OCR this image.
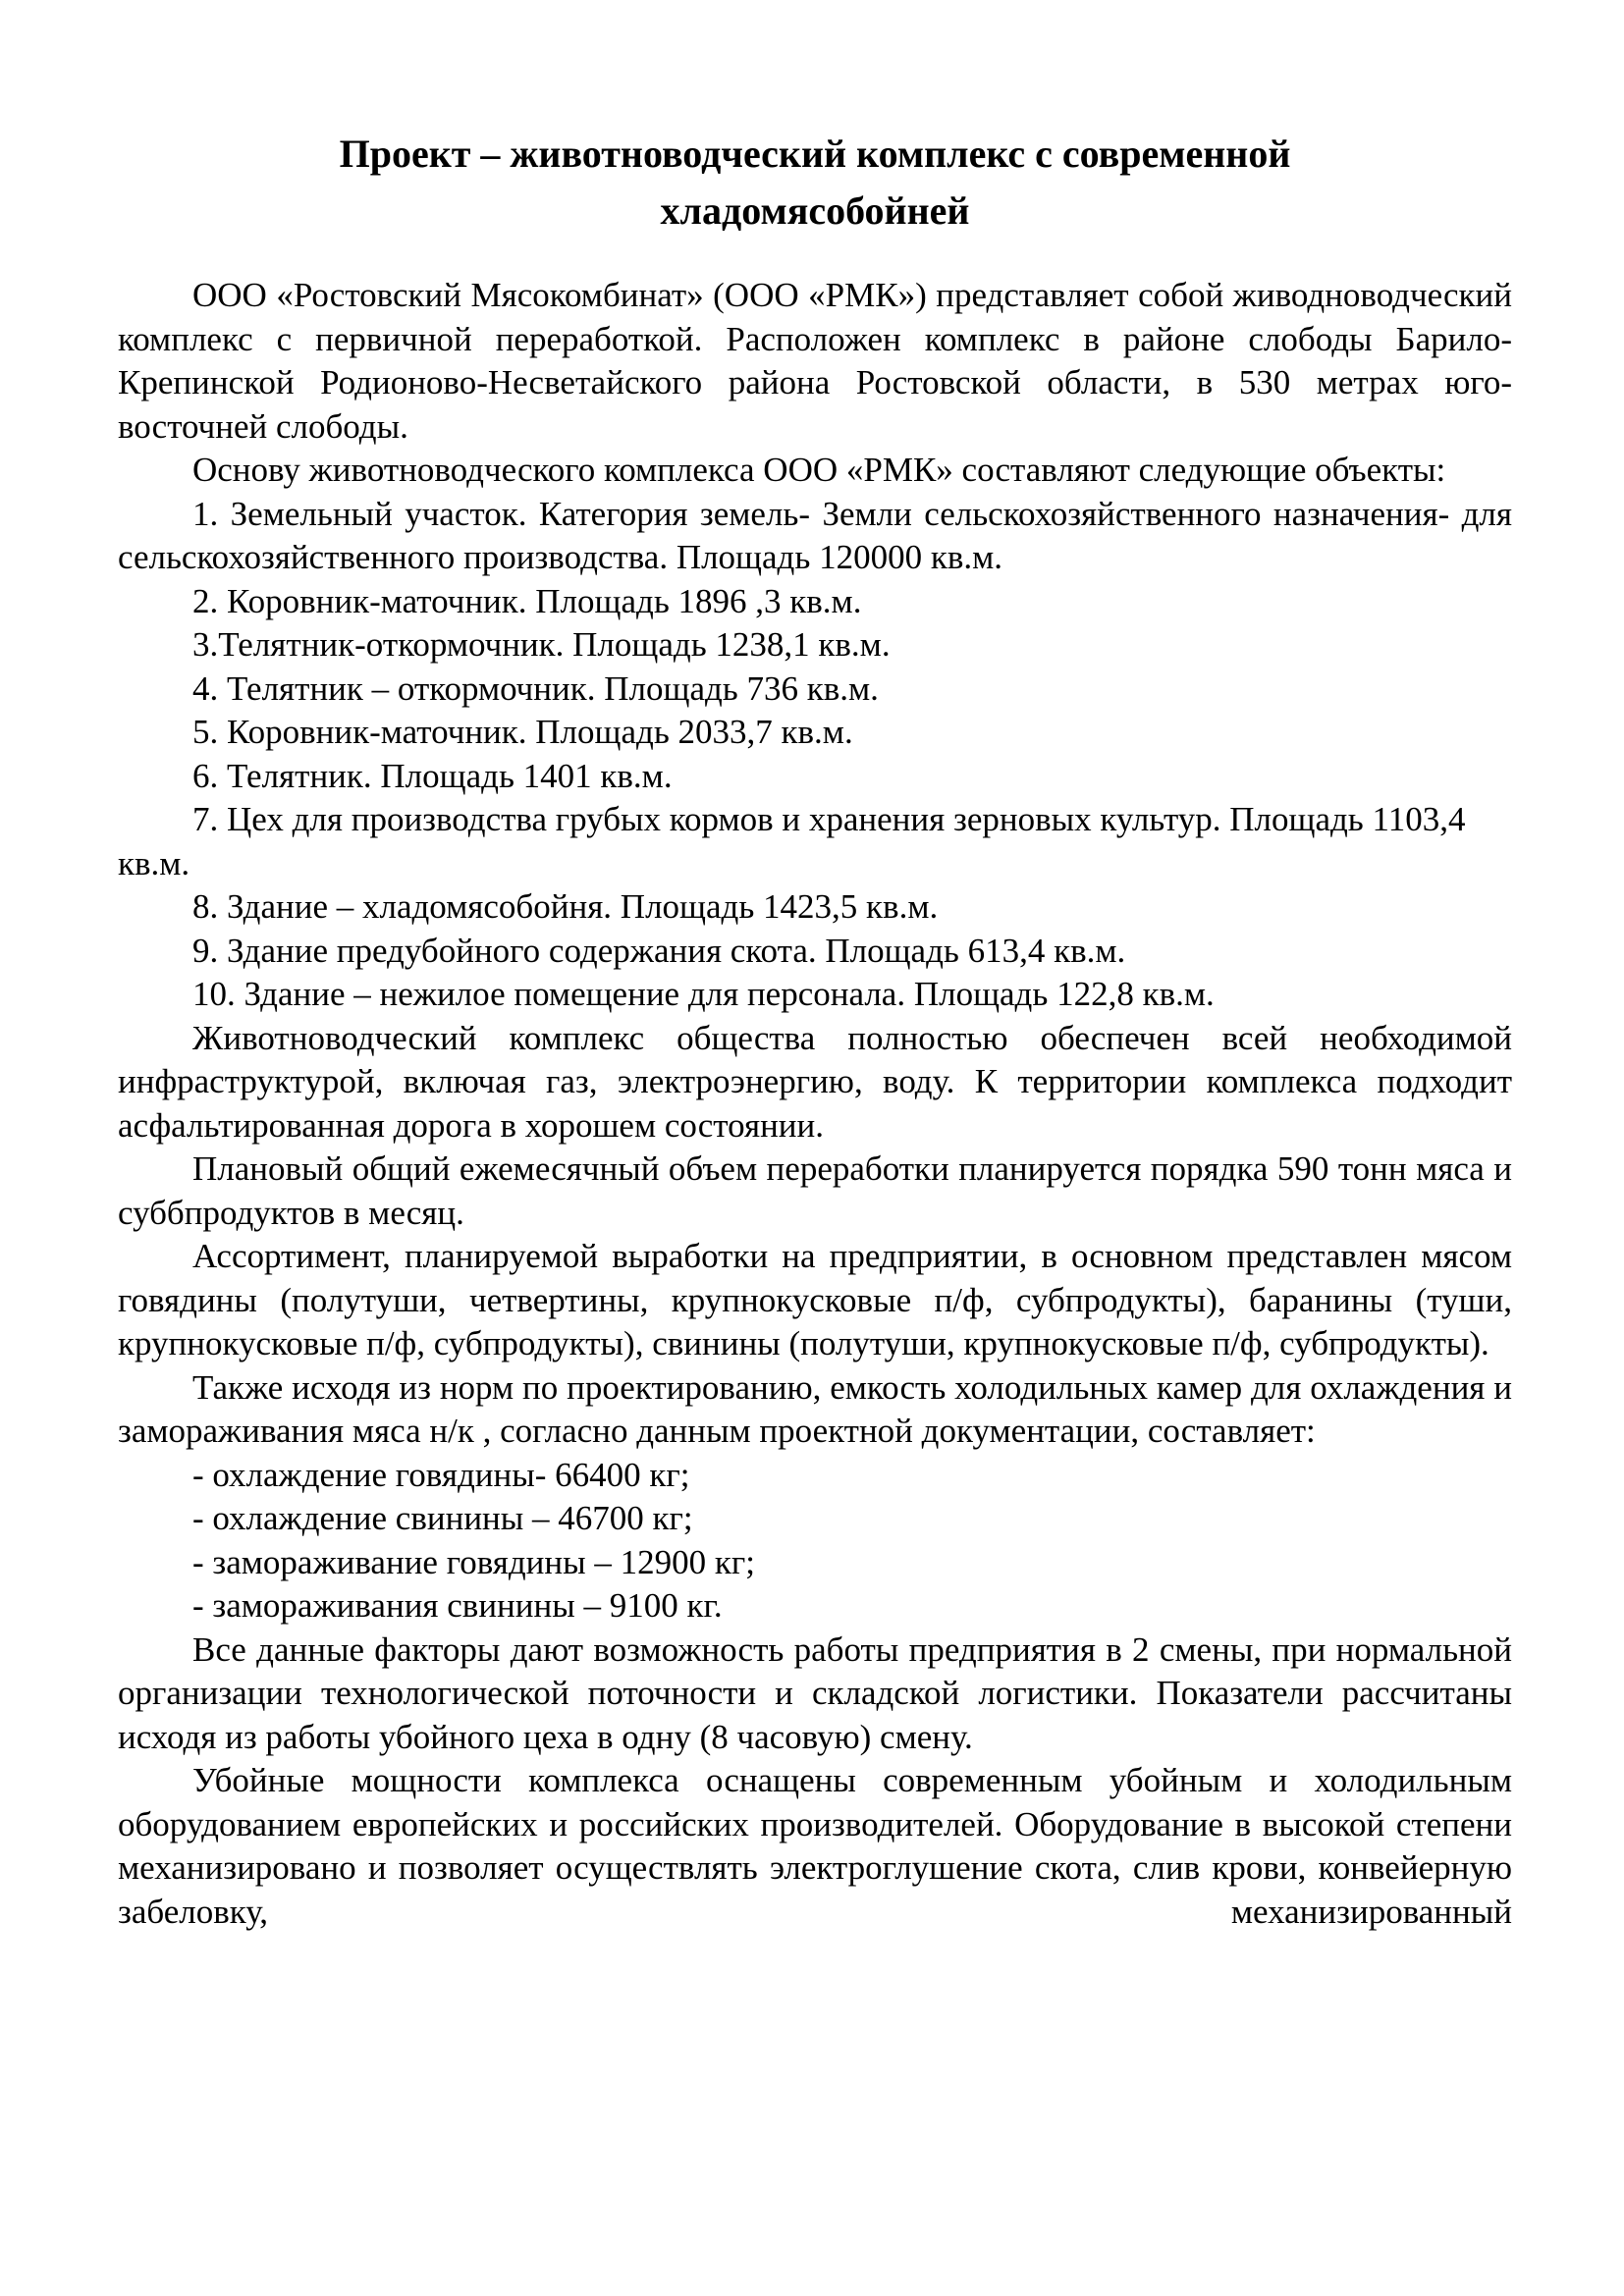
Проект – животноводческий комплекс с современной
хладомясобойней

ООО «Ростовский Мясокомбинат» (ООО «РМК») представляет собой живодноводческий комплекс с первичной переработкой. Расположен комплекс в районе слободы Барило-Крепинской Родионово-Несветайского района Ростовской области, в 530 метрах юго-восточней слободы.

Основу животноводческого комплекса ООО «РМК» составляют следующие объекты:

1. Земельный участок. Категория земель- Земли сельскохозяйственного назначения- для сельскохозяйственного производства. Площадь 120000 кв.м.

2. Коровник-маточник. Площадь 1896 ,3 кв.м.
3.Телятник-откормочник. Площадь 1238,1 кв.м.
4. Телятник – откормочник. Площадь 736 кв.м.
5. Коровник-маточник. Площадь 2033,7 кв.м.
6. Телятник. Площадь 1401 кв.м.

7. Цех для производства грубых кормов и хранения зерновых культур. Площадь 1103,4 кв.м.

8. Здание – хладомясобойня. Площадь 1423,5 кв.м.
9. Здание предубойного содержания скота. Площадь 613,4 кв.м.
10. Здание – нежилое помещение для персонала. Площадь 122,8 кв.м.

Животноводческий комплекс общества полностью обеспечен всей необходимой инфраструктурой, включая газ, электроэнергию, воду. К территории комплекса подходит асфальтированная дорога в хорошем состоянии.

Плановый общий ежемесячный объем переработки планируется порядка 590 тонн мяса и суббпродуктов в месяц.

Ассортимент, планируемой выработки на предприятии, в основном представлен мясом говядины (полутуши, четвертины, крупнокусковые п/ф, субпродукты), баранины (туши, крупнокусковые п/ф, субпродукты), свинины (полутуши, крупнокусковые п/ф, субпродукты).

Также исходя из норм по проектированию, емкость холодильных камер для охлаждения и замораживания мяса н/к , согласно данным проектной документации, составляет:

- охлаждение говядины- 66400 кг;
- охлаждение свинины – 46700 кг;
- замораживание говядины – 12900 кг;
- замораживания свинины – 9100 кг.

Все данные факторы дают возможность работы предприятия в 2 смены, при нормальной организации технологической поточности и складской логистики. Показатели рассчитаны исходя из работы убойного цеха в одну (8 часовую) смену.

Убойные мощности комплекса оснащены современным убойным и холодильным оборудованием европейских и российских производителей. Оборудование в высокой степени механизировано и позволяет осуществлять электроглушение скота, слив крови, конвейерную забеловку, механизированный
